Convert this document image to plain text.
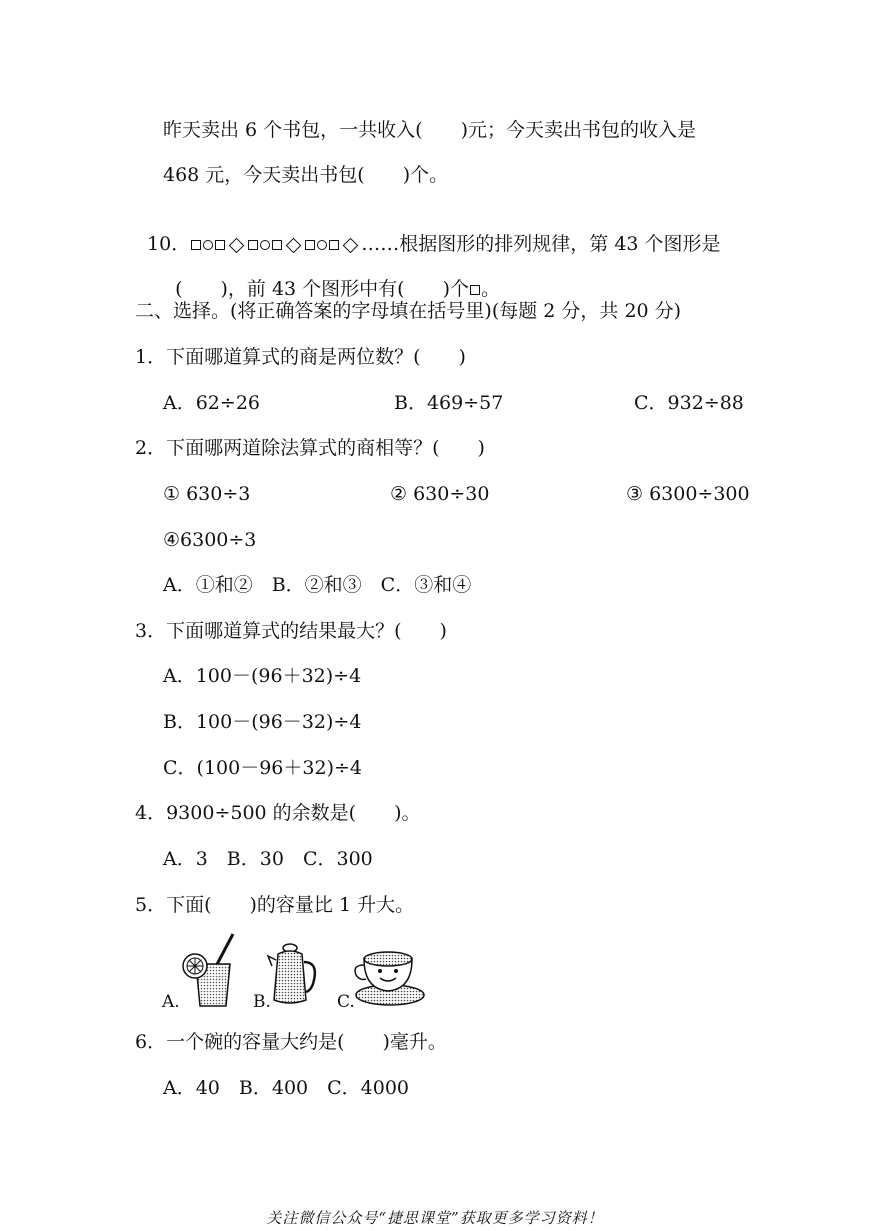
昨天卖出 6 个书包，一共收入(　　)元；今天卖出书包的收入是
468 元，今天卖出书包(　　)个。

10．	……根据图形的排列规律，第 43 个图形是

(　　)，前 43 个图形中有(　　)个 。

二、选择。(将正确答案的字母填在括号里)(每题 2 分，共 20 分)
1．下面哪道算式的商是两位数？(　　)
A．62÷26	B．469÷57	C．932÷88
2．下面哪两道除法算式的商相等？(　　)
① 630÷3	② 630÷30	③ 6300÷300
④6300÷3
A．①和②　B．②和③　C．③和④
3．下面哪道算式的结果最大？(　　)
A．100－(96＋32)÷4
B．100－(96－32)÷4
C．(100－96＋32)÷4
4．9300÷500 的余数是(　　)。
A．3　B．30　C．300
5．下面(　　)的容量比 1 升大。
A.	B.	C.
6．一个碗的容量大约是(　　)毫升。
A．40　B．400　C．4000
关注微信公众号“捷思课堂”获取更多学习资料！
